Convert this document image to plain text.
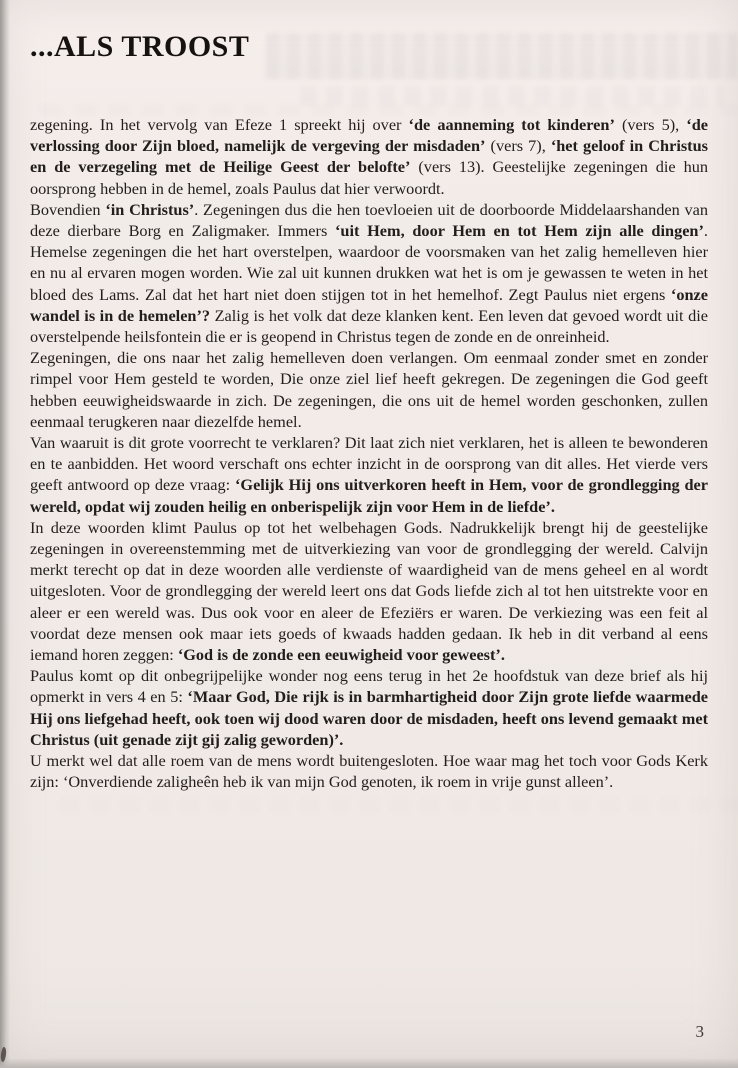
...ALS TROOST

zegening. In het vervolg van Efeze 1 spreekt hij over ‘de aanneming tot kinderen’ (vers 5), ‘de verlossing door Zijn bloed, namelijk de vergeving der misdaden’ (vers 7), ‘het geloof in Christus en de verzegeling met de Heilige Geest der belofte’ (vers 13). Geestelijke zegeningen die hun oorsprong hebben in de hemel, zoals Paulus dat hier verwoordt.

Bovendien ‘in Christus’. Zegeningen dus die hen toevloeien uit de doorboorde Middelaarshanden van deze dierbare Borg en Zaligmaker. Immers ‘uit Hem, door Hem en tot Hem zijn alle dingen’. Hemelse zegeningen die het hart overstelpen, waardoor de voorsmaken van het zalig hemelleven hier en nu al ervaren mogen worden. Wie zal uit kunnen drukken wat het is om je gewassen te weten in het bloed des Lams. Zal dat het hart niet doen stijgen tot in het hemelhof. Zegt Paulus niet ergens ‘onze wandel is in de hemelen’? Zalig is het volk dat deze klanken kent. Een leven dat gevoed wordt uit die overstelpende heilsfontein die er is geopend in Christus tegen de zonde en de onreinheid.

Zegeningen, die ons naar het zalig hemelleven doen verlangen. Om eenmaal zonder smet en zonder rimpel voor Hem gesteld te worden, Die onze ziel lief heeft gekregen. De zegeningen die God geeft hebben eeuwigheidswaarde in zich. De zegeningen, die ons uit de hemel worden geschonken, zullen eenmaal terugkeren naar diezelfde hemel.

Van waaruit is dit grote voorrecht te verklaren? Dit laat zich niet verklaren, het is alleen te bewonderen en te aanbidden. Het woord verschaft ons echter inzicht in de oorsprong van dit alles. Het vierde vers geeft antwoord op deze vraag: ‘Gelijk Hij ons uitverkoren heeft in Hem, voor de grondlegging der wereld, opdat wij zouden heilig en onberispelijk zijn voor Hem in de liefde’.

In deze woorden klimt Paulus op tot het welbehagen Gods. Nadrukkelijk brengt hij de geestelijke zegeningen in overeenstemming met de uitverkiezing van voor de grondlegging der wereld. Calvijn merkt terecht op dat in deze woorden alle verdienste of waardigheid van de mens geheel en al wordt uitgesloten. Voor de grondlegging der wereld leert ons dat Gods liefde zich al tot hen uitstrekte voor en aleer er een wereld was. Dus ook voor en aleer de Efeziërs er waren. De verkiezing was een feit al voordat deze mensen ook maar iets goeds of kwaads hadden gedaan. Ik heb in dit verband al eens iemand horen zeggen: ‘God is de zonde een eeuwigheid voor geweest’.

Paulus komt op dit onbegrijpelijke wonder nog eens terug in het 2e hoofdstuk van deze brief als hij opmerkt in vers 4 en 5: ‘Maar God, Die rijk is in barmhartigheid door Zijn grote liefde waarmede Hij ons liefgehad heeft, ook toen wij dood waren door de misdaden, heeft ons levend gemaakt met Christus (uit genade zijt gij zalig geworden)’.

U merkt wel dat alle roem van de mens wordt buitengesloten. Hoe waar mag het toch voor Gods Kerk zijn: ‘Onverdiende zaligheên heb ik van mijn God genoten, ik roem in vrije gunst alleen’.

3
